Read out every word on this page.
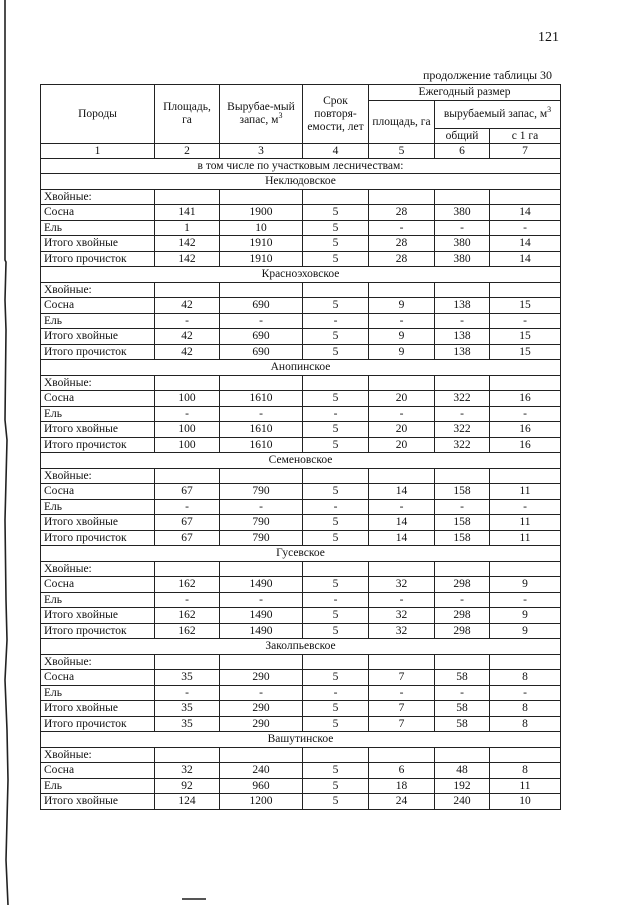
121
продолжение таблицы 30
Породы	Площадь, га	Вырубае-мый запас, $м^3$	Срок повторя-емости, лет	Ежегодный размер		
				площадь, га	вырубаемый запас, $м^3$
					общий	с 1 га
1	2	3	4	5	6	7
в том числе по участковым лесничествам:						
Неклюдовское						
Хвойные:						
Сосна	141	1900	5	28	380	14
Ель	1	10	5	-	-	-
Итого хвойные	142	1910	5	28	380	14
Итого прочисток	142	1910	5	28	380	14
Красноэховское						
Хвойные:						
Сосна	42	690	5	9	138	15
Ель	-	-	-	-	-	-
Итого хвойные	42	690	5	9	138	15
Итого прочисток	42	690	5	9	138	15
Анопинское						
Хвойные:						
Сосна	100	1610	5	20	322	16
Ель	-	-	-	-	-	-
Итого хвойные	100	1610	5	20	322	16
Итого прочисток	100	1610	5	20	322	16
Семеновское						
Хвойные:						
Сосна	67	790	5	14	158	11
Ель	-	-	-	-	-	-
Итого хвойные	67	790	5	14	158	11
Итого прочисток	67	790	5	14	158	11
Гусевское						
Хвойные:						
Сосна	162	1490	5	32	298	9
Ель	-	-	-	-	-	-
Итого хвойные	162	1490	5	32	298	9
Итого прочисток	162	1490	5	32	298	9
Заколпьевское						
Хвойные:						
Сосна	35	290	5	7	58	8
Ель	-	-	-	-	-	-
Итого хвойные	35	290	5	7	58	8
Итого прочисток	35	290	5	7	58	8
Вашутинское						
Хвойные:						
Сосна	32	240	5	6	48	8
Ель	92	960	5	18	192	11
Итого хвойные	124	1200	5	24	240	10
